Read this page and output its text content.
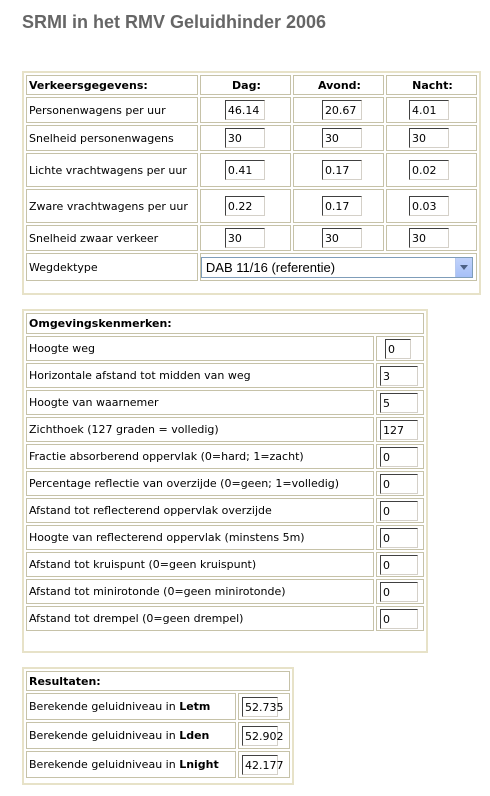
SRMI in het RMV Geluidhinder 2006
Verkeersgegevens:	Dag:	Avond:	Nacht:
Personenwagens per uur	46.14	20.67	4.01

Snelheid personenwagens	30	30	30

Lichte vrachtwagens per uur	0.41	0.17	0.02

Zware vrachtwagens per uur	0.22	0.17	0.03

Snelheid zwaar verkeer	30	30	30

Wegdektype	DAB 11/16 (referentie)		
Omgevingskenmerken:	
Hoogte weg	0

Horizontale afstand tot midden van weg	3

Hoogte van waarnemer	5

Zichthoek (127 graden = volledig)	127

Fractie absorberend oppervlak (0=hard; 1=zacht)	0

Percentage reflectie van overzijde (0=geen; 1=volledig)	0

Afstand tot reflecterend oppervlak overzijde	0

Hoogte van reflecterend oppervlak (minstens 5m)	0

Afstand tot kruispunt (0=geen kruispunt)	0

Afstand tot minirotonde (0=geen minirotonde)	0

Afstand tot drempel (0=geen drempel)	0
Resultaten:	
Berekende geluidniveau in Letm	52.735

Berekende geluidniveau in Lden	52.902

Berekende geluidniveau in Lnight	42.177
